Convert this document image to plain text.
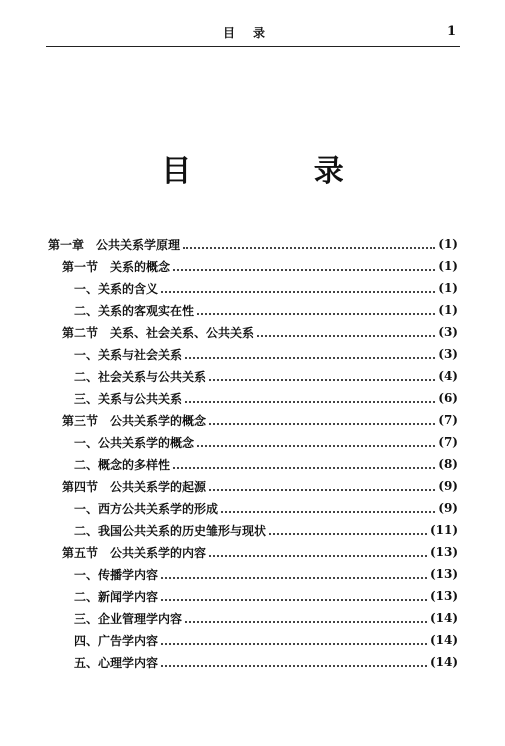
目录	1
目 录
第一章　公共关系学原理	(1)
第一节　关系的概念	(1)
一、关系的含义	(1)
二、关系的客观实在性	(1)
第二节　关系、社会关系、公共关系	(3)
一、关系与社会关系	(3)
二、社会关系与公共关系	(4)
三、关系与公共关系	(6)
第三节　公共关系学的概念	(7)
一、公共关系学的概念	(7)
二、概念的多样性	(8)
第四节　公共关系学的起源	(9)
一、西方公共关系学的形成	(9)
二、我国公共关系的历史雏形与现状	(11)
第五节　公共关系学的内容	(13)
一、传播学内容	(13)
二、新闻学内容	(13)
三、企业管理学内容	(14)
四、广告学内容	(14)
五、心理学内容	(14)
